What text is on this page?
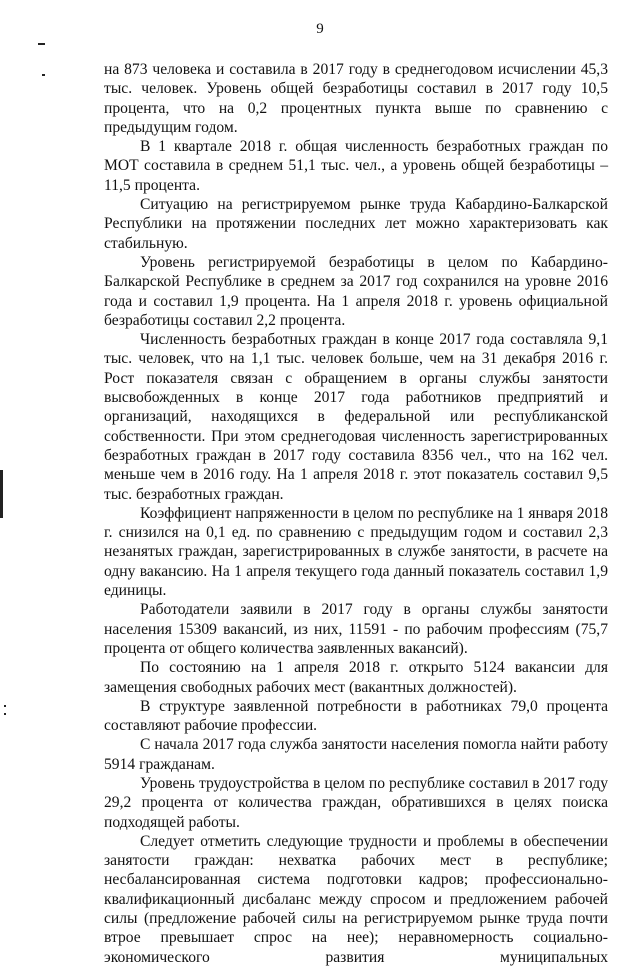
9

на 873 человека и составила в 2017 году в среднегодовом исчислении 45,3 тыс. человек. Уровень общей безработицы составил в 2017 году 10,5 процента, что на 0,2 процентных пункта выше по сравнению с предыдущим годом.

В 1 квартале 2018 г. общая численность безработных граждан по МОТ составила в среднем 51,1 тыс. чел., а уровень общей безработицы – 11,5 процента.

Ситуацию на регистрируемом рынке труда Кабардино-Балкарской Республики на протяжении последних лет можно характеризовать как стабильную.

Уровень регистрируемой безработицы в целом по Кабардино-Балкарской Республике в среднем за 2017 год сохранился на уровне 2016 года и составил 1,9 процента. На 1 апреля 2018 г. уровень официальной безработицы составил 2,2 процента.

Численность безработных граждан в конце 2017 года составляла 9,1 тыс. человек, что на 1,1 тыс. человек больше, чем на 31 декабря 2016 г. Рост показателя связан с обращением в органы службы занятости высвобожденных в конце 2017 года работников предприятий и организаций, находящихся в федеральной или республиканской собственности. При этом среднегодовая численность зарегистрированных безработных граждан в 2017 году составила 8356 чел., что на 162 чел. меньше чем в 2016 году. На 1 апреля 2018 г. этот показатель составил 9,5 тыс. безработных граждан.

Коэффициент напряженности в целом по республике на 1 января 2018 г. снизился на 0,1 ед. по сравнению с предыдущим годом и составил 2,3 незанятых граждан, зарегистрированных в службе занятости, в расчете на одну вакансию. На 1 апреля текущего года данный показатель составил 1,9 единицы.

Работодатели заявили в 2017 году в органы службы занятости населения 15309 вакансий, из них, 11591 - по рабочим профессиям (75,7 процента от общего количества заявленных вакансий).

По состоянию на 1 апреля 2018 г. открыто 5124 вакансии для замещения свободных рабочих мест (вакантных должностей).

В структуре заявленной потребности в работниках 79,0 процента составляют рабочие профессии.

С начала 2017 года служба занятости населения помогла найти работу 5914 гражданам.

Уровень трудоустройства в целом по республике составил в 2017 году 29,2 процента от количества граждан, обратившихся в целях поиска подходящей работы.

Следует отметить следующие трудности и проблемы в обеспечении занятости граждан: нехватка рабочих мест в республике; несбалансированная система подготовки кадров; профессионально-квалификационный дисбаланс между спросом и предложением рабочей силы (предложение рабочей силы на регистрируемом рынке труда почти втрое превышает спрос на нее); неравномерность социально-экономического развития муниципальных
